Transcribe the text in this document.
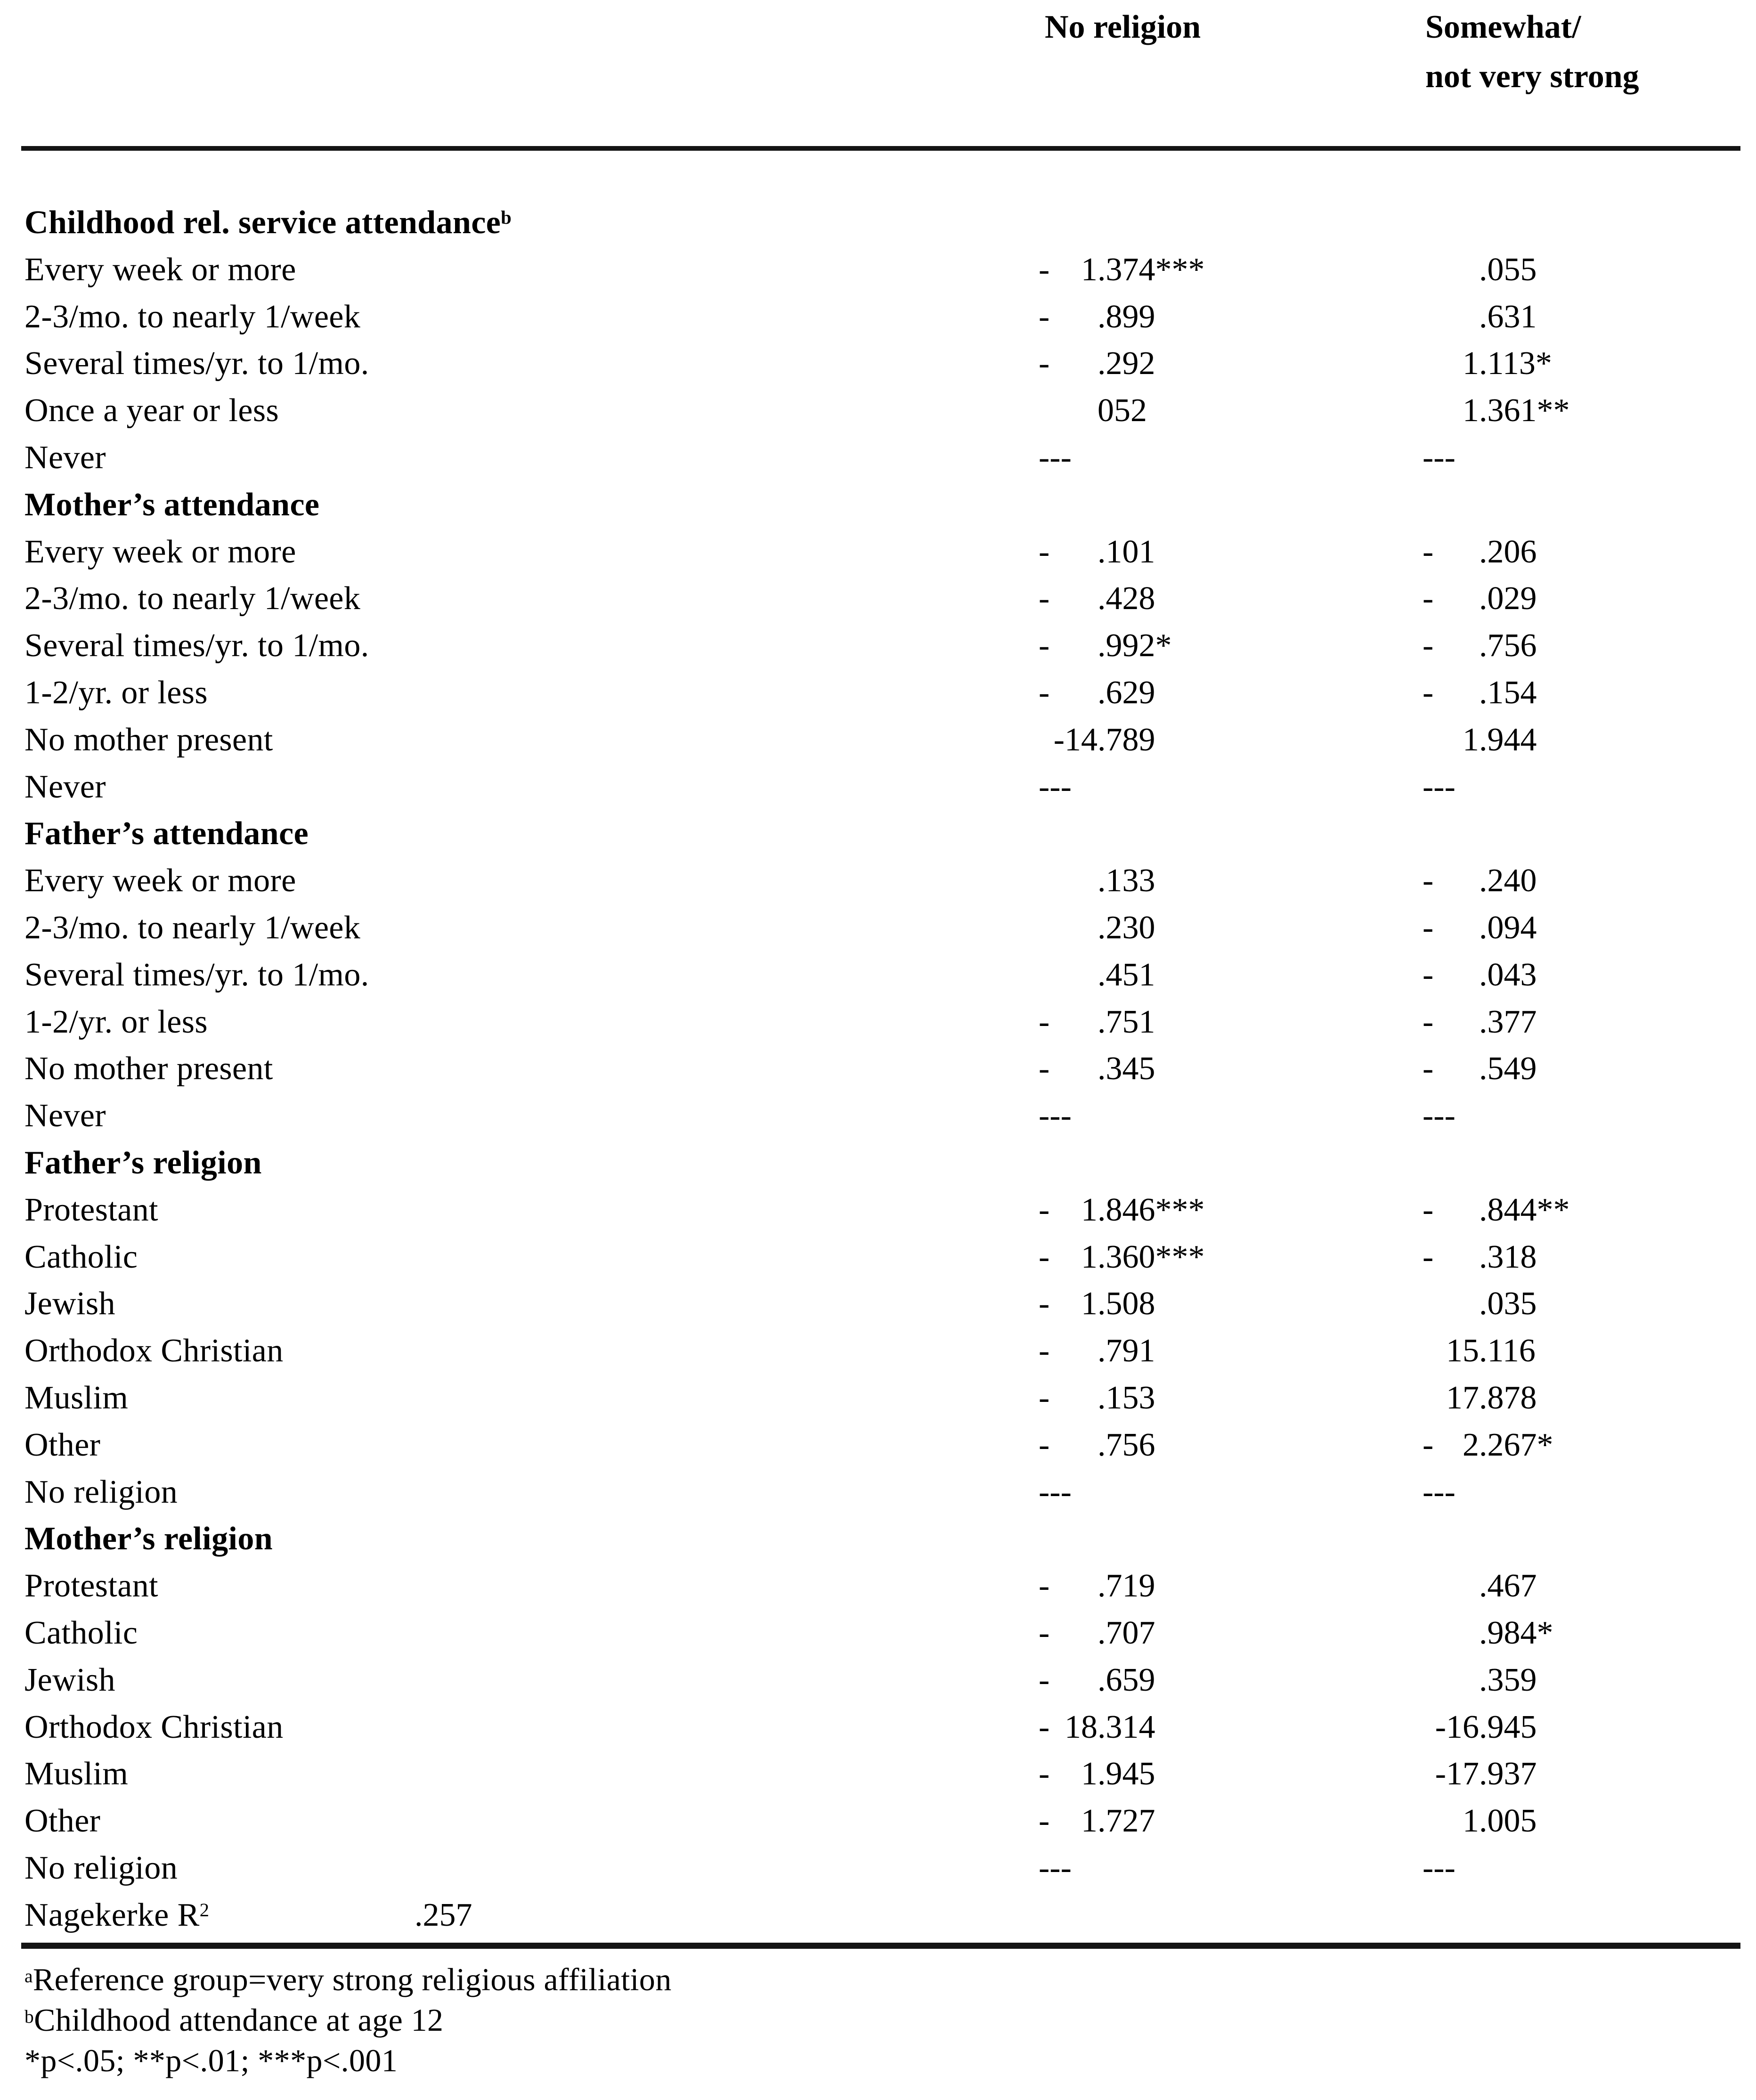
No religion	Somewhat/
not very strong
Childhood rel. service attendance$^b$
Every week or more	- 1 .374***	.055
2-3/mo. to nearly 1/week	- .899	.631
Several times/yr. to 1/mo.	- .292	1 .113*
Once a year or less	052	1 .361**
Never	---	---
Mother’s attendance
Every week or more	- .101	- .206
2-3/mo. to nearly 1/week	- .428	- .029
Several times/yr. to 1/mo.	- .992*	- .756
1-2/yr. or less	- .629	- .154
No mother present	-14 .789	1 .944
Never	---	---
Father’s attendance
Every week or more	.133	- .240
2-3/mo. to nearly 1/week	.230	- .094
Several times/yr. to 1/mo.	.451	- .043
1-2/yr. or less	- .751	- .377
No mother present	- .345	- .549
Never	---	---
Father’s religion
Protestant	- 1 .846***	- .844**
Catholic	- 1 .360***	- .318
Jewish	- 1 .508	.035
Orthodox Christian	- .791	15 .116
Muslim	- .153	17 .878
Other	- .756	- 2 .267*
No religion	---	---
Mother’s religion
Protestant	- .719	.467
Catholic	- .707	.984*
Jewish	- .659	.359
Orthodox Christian	- 18 .314	-16 .945
Muslim	- 1 .945	-17 .937
Other	- 1 .727	1 .005
No religion	---	---
Nagekerke $R^2$	.257
$^a$Reference group=very strong religious affiliation
$^b$Childhood attendance at age 12
*p<.05; **p<.01; ***p<.001
